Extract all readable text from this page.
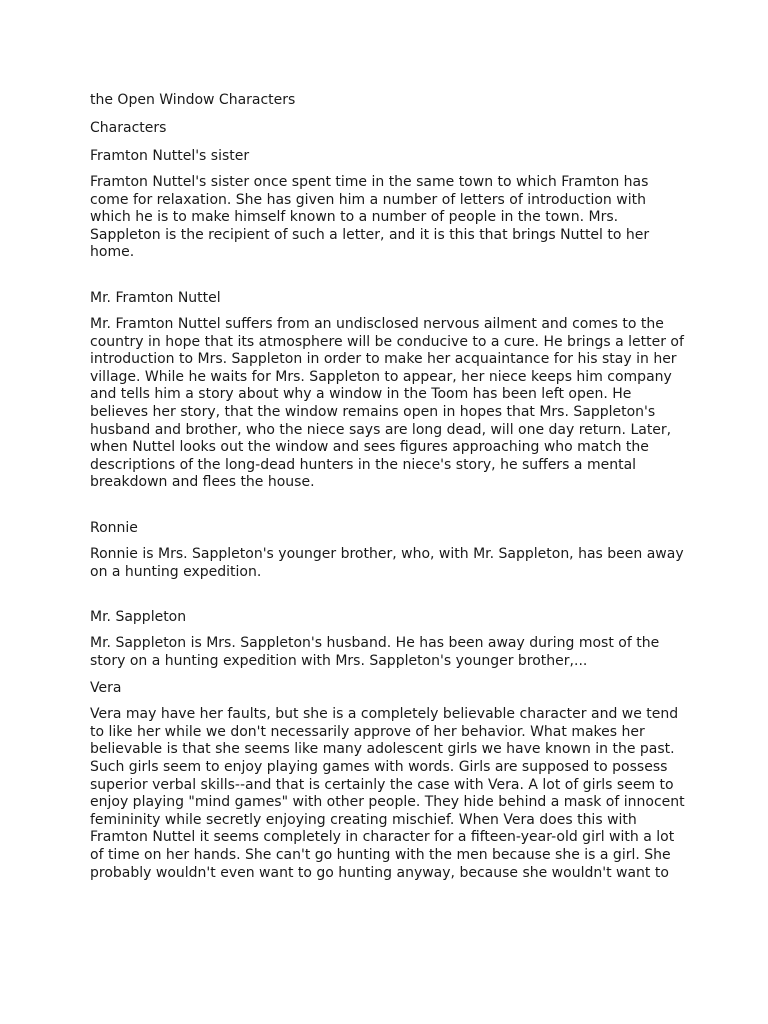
the Open Window Characters
Characters
Framton Nuttel's sister
Framton Nuttel's sister once spent time in the same town to which Framton has
come for relaxation. She has given him a number of letters of introduction with
which he is to make himself known to a number of people in the town. Mrs.
Sappleton is the recipient of such a letter, and it is this that brings Nuttel to her
home.
Mr. Framton Nuttel
Mr. Framton Nuttel suffers from an undisclosed nervous ailment and comes to the
country in hope that its atmosphere will be conducive to a cure. He brings a letter of
introduction to Mrs. Sappleton in order to make her acquaintance for his stay in her
village. While he waits for Mrs. Sappleton to appear, her niece keeps him company
and tells him a story about why a window in the Toom has been left open. He
believes her story, that the window remains open in hopes that Mrs. Sappleton's
husband and brother, who the niece says are long dead, will one day return. Later,
when Nuttel looks out the window and sees figures approaching who match the
descriptions of the long-dead hunters in the niece's story, he suffers a mental
breakdown and flees the house.
Ronnie
Ronnie is Mrs. Sappleton's younger brother, who, with Mr. Sappleton, has been away
on a hunting expedition.
Mr. Sappleton
Mr. Sappleton is Mrs. Sappleton's husband. He has been away during most of the
story on a hunting expedition with Mrs. Sappleton's younger brother,...
Vera
Vera may have her faults, but she is a completely believable character and we tend
to like her while we don't necessarily approve of her behavior. What makes her
believable is that she seems like many adolescent girls we have known in the past.
Such girls seem to enjoy playing games with words. Girls are supposed to possess
superior verbal skills--and that is certainly the case with Vera. A lot of girls seem to
enjoy playing "mind games" with other people. They hide behind a mask of innocent
femininity while secretly enjoying creating mischief. When Vera does this with
Framton Nuttel it seems completely in character for a fifteen-year-old girl with a lot
of time on her hands. She can't go hunting with the men because she is a girl. She
probably wouldn't even want to go hunting anyway, because she wouldn't want to
